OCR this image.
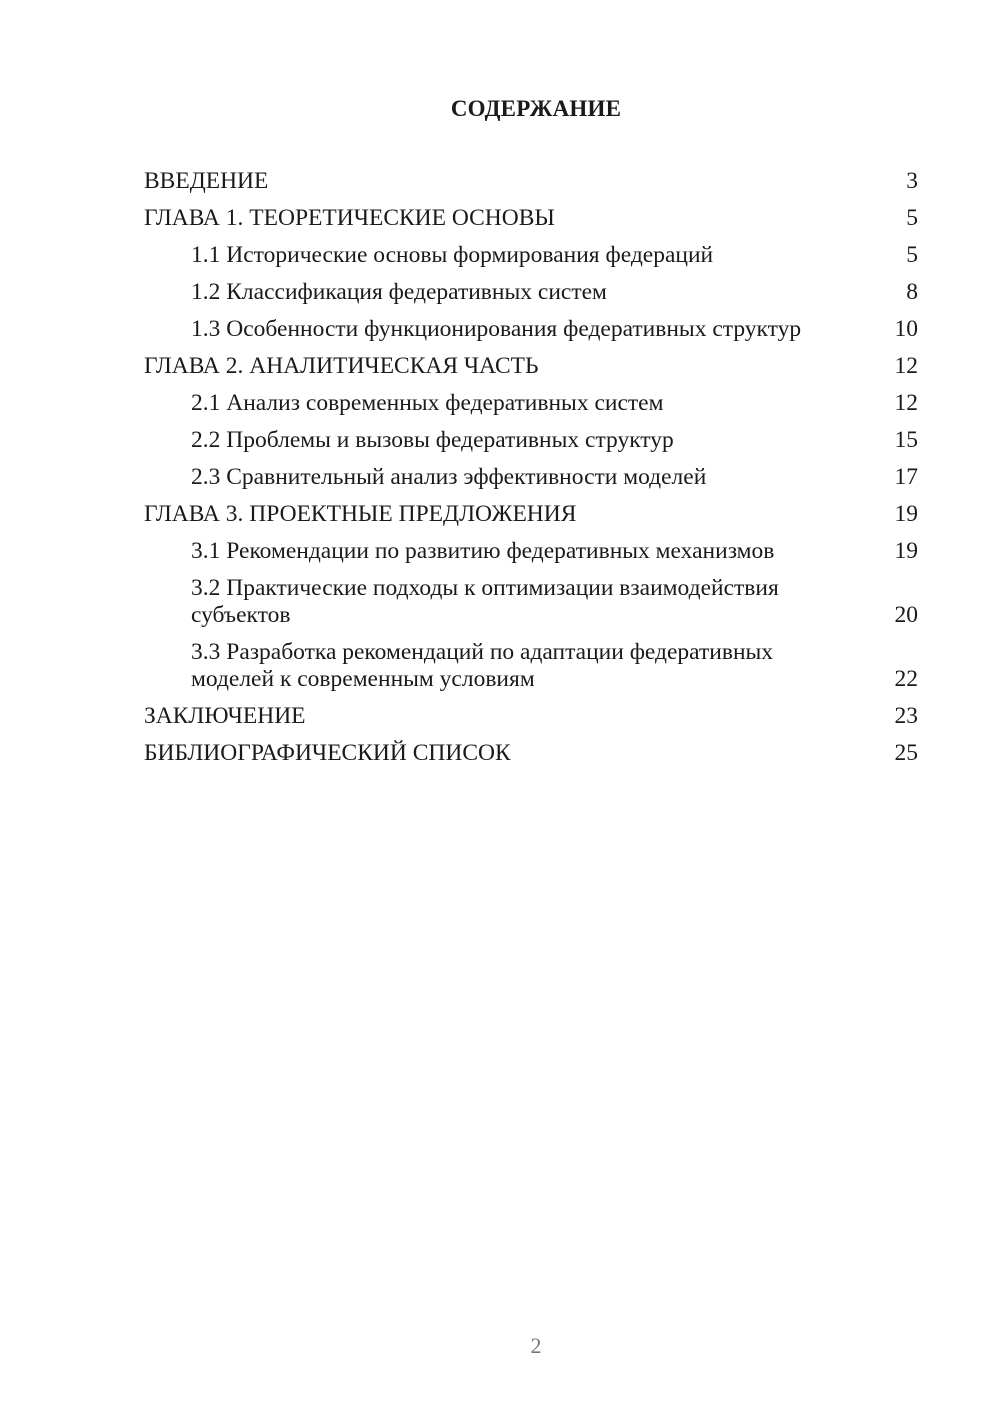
СОДЕРЖАНИЕ
ВВЕДЕНИЕ	3
ГЛАВА 1. ТЕОРЕТИЧЕСКИЕ ОСНОВЫ	5
1.1 Исторические основы формирования федераций	5
1.2 Классификация федеративных систем	8
1.3 Особенности функционирования федеративных структур	10
ГЛАВА 2. АНАЛИТИЧЕСКАЯ ЧАСТЬ	12
2.1 Анализ современных федеративных систем	12
2.2 Проблемы и вызовы федеративных структур	15
2.3 Сравнительный анализ эффективности моделей	17
ГЛАВА 3. ПРОЕКТНЫЕ ПРЕДЛОЖЕНИЯ	19
3.1 Рекомендации по развитию федеративных механизмов	19
3.2 Практические подходы к оптимизации взаимодействия субъектов	20
3.3 Разработка рекомендаций по адаптации федеративных моделей к современным условиям	22
ЗАКЛЮЧЕНИЕ	23
БИБЛИОГРАФИЧЕСКИЙ СПИСОК	25
2
